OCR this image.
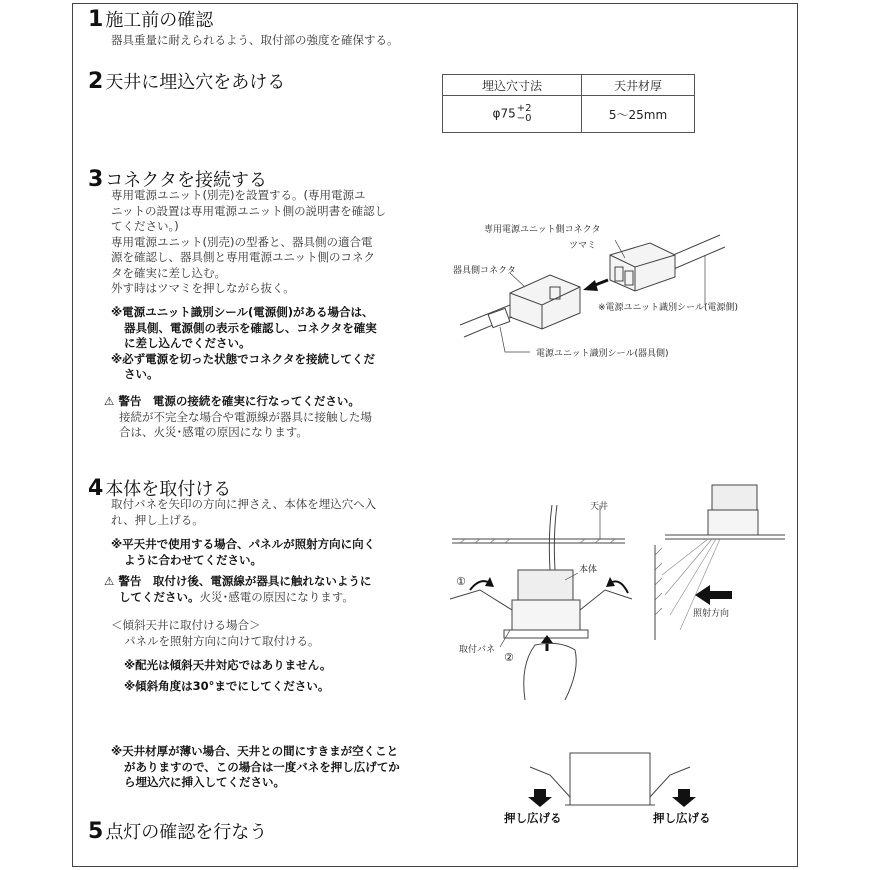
1 施工前の確認
器具重量に耐えられるよう、取付部の強度を確保する。
2 天井に埋込穴をあける	埋込穴寸法	天井材厚
φ75+2
−0	5～25mm
3 コネクタを接続する
専用電源ユニット(別売)を設置する。(専用電源ユ
ニットの設置は専用電源ユニット側の説明書を確認し
てください。)
専用電源ユニット(別売)の型番と、器具側の適合電
源を確認し、器具側と専用電源ユニット側のコネク
タを確実に差し込む。
外す時はツマミを押しながら抜く。
※電源ユニット識別シール(電源側)がある場合は、
器具側、電源側の表示を確認し、コネクタを確実
に差し込んでください。
※必ず電源を切った状態でコネクタを接続してくだ
さい。
⚠ 警告　 電源の接続を確実に行なってください。
接続が不完全な場合や電源線が器具に接触した場
合は、火災･感電の原因になります。
専用電源ユニット側コネクタ
ツマミ
器具側コネクタ
※電源ユニット識別シール(電源側)
電源ユニット識別シール(器具側)
4 本体を取付ける
取付バネを矢印の方向に押さえ、本体を埋込穴へ入
れ、押し上げる。
※平天井で使用する場合、パネルが照射方向に向く
ように合わせてください。
⚠ 警告　 取付け後、電源線が器具に触れないように
してください。火災･感電の原因になります。
＜傾斜天井に取付ける場合＞
パネルを照射方向に向けて取付ける。
※配光は傾斜天井対応ではありません。
※傾斜角度は30°までにしてください。
天井
本体
①
取付バネ
②
照射方向
※天井材厚が薄い場合、天井との間にすきまが空くこと
がありますので、この場合は一度バネを押し広げてか
ら埋込穴に挿入してください。
押し広げる	押し広げる
5 点灯の確認を行なう
